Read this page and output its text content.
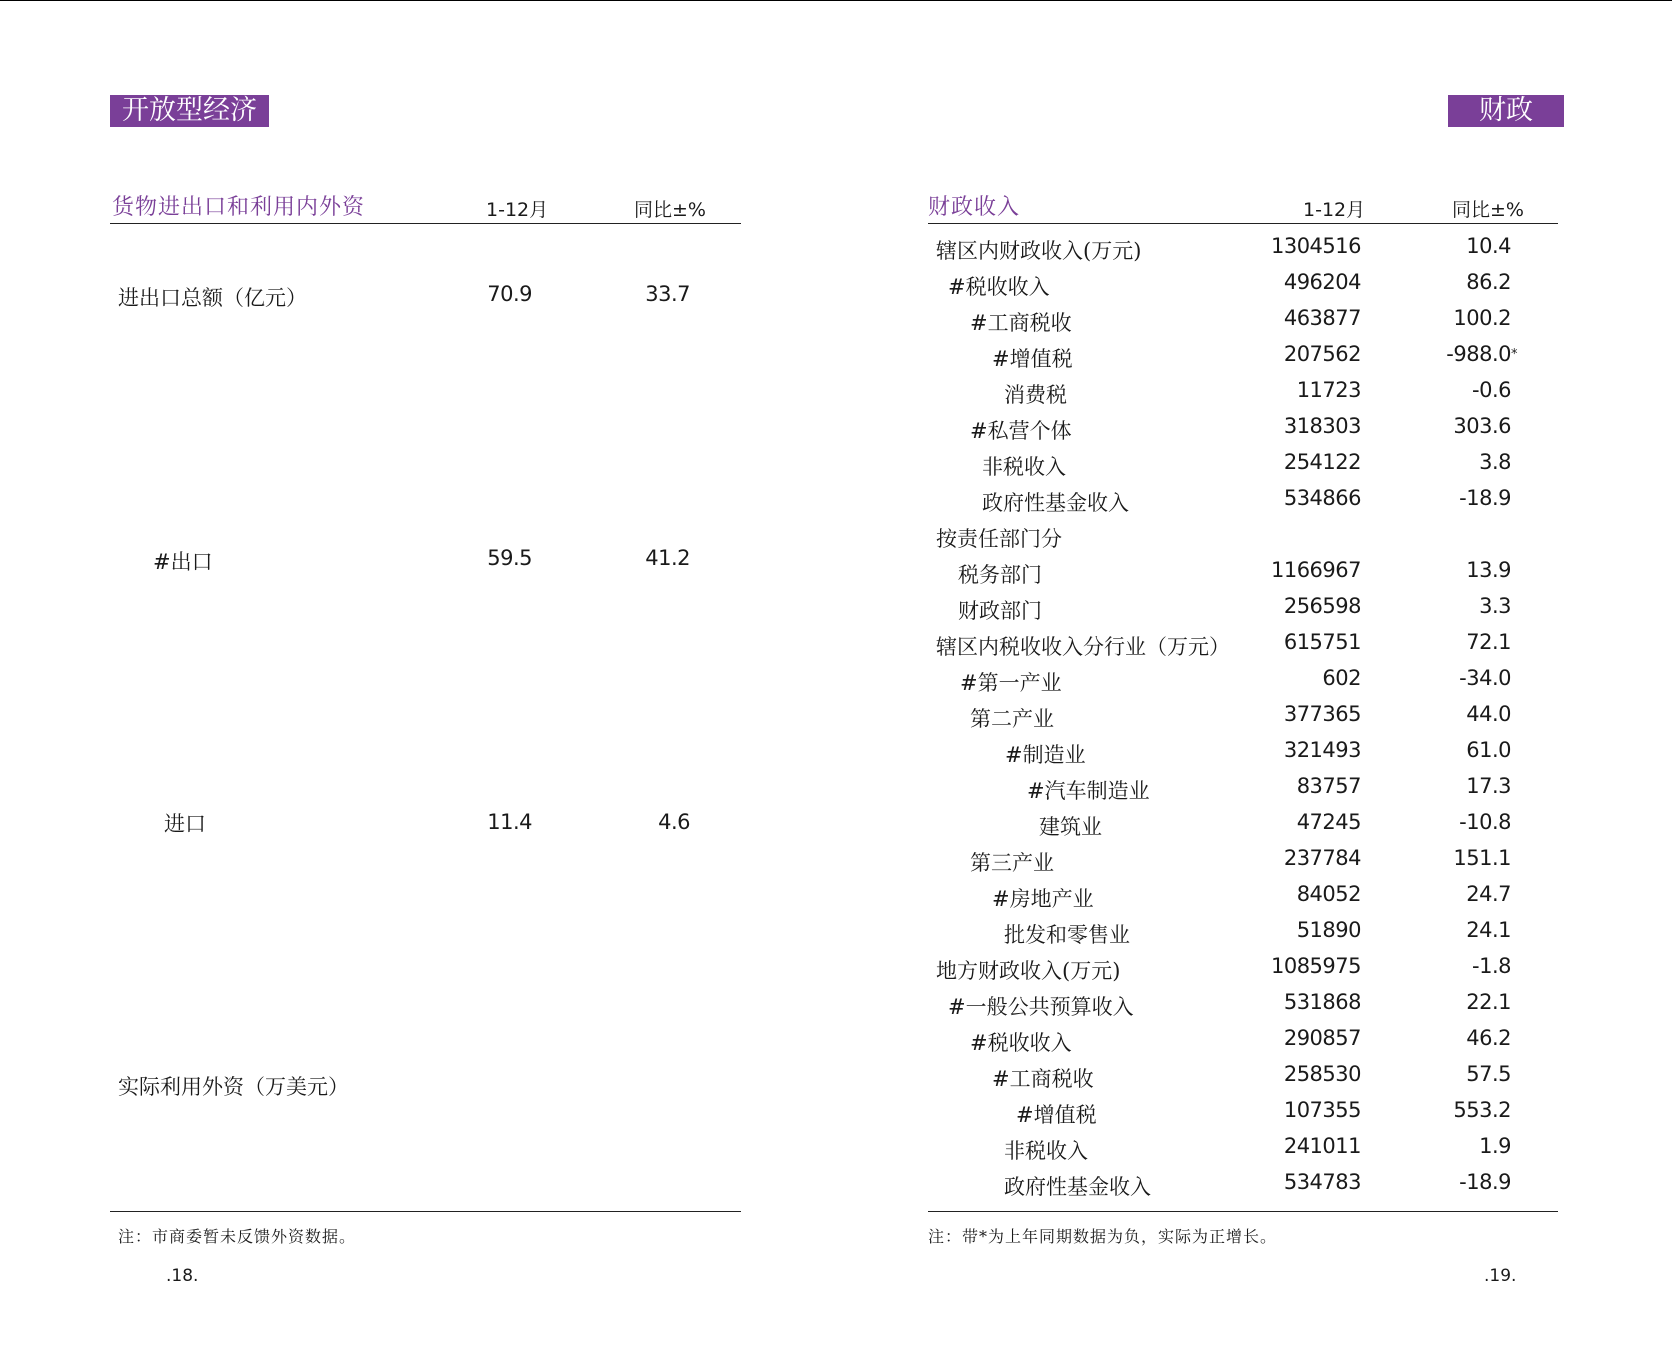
开放型经济
货物进出口和利用内外资	1-12月	同比±%
进出口总额（亿元）	70.9	33.7
#出口	59.5	41.2
进口	11.4	4.6
实际利用外资（万美元）
注：市商委暂未反馈外资数据。
.18.
财政
财政收入	1-12月	同比±%
辖区内财政收入(万元)	1304516	10.4
#税收收入	496204	86.2
#工商税收	463877	100.2
#增值税	207562	-988.0 *
消费税	11723	-0.6
#私营个体	318303	303.6
非税收入	254122	3.8
政府性基金收入	534866	-18.9
按责任部门分
税务部门	1166967	13.9
财政部门	256598	3.3
辖区内税收收入分行业（万元）	615751	72.1
#第一产业	602	-34.0
第二产业	377365	44.0
#制造业	321493	61.0
#汽车制造业	83757	17.3
建筑业	47245	-10.8
第三产业	237784	151.1
#房地产业	84052	24.7
批发和零售业	51890	24.1
地方财政收入(万元)	1085975	-1.8
#一般公共预算收入	531868	22.1
#税收收入	290857	46.2
#工商税收	258530	57.5
#增值税	107355	553.2
非税收入	241011	1.9
政府性基金收入	534783	-18.9
注：带*为上年同期数据为负，实际为正增长。
.19.
